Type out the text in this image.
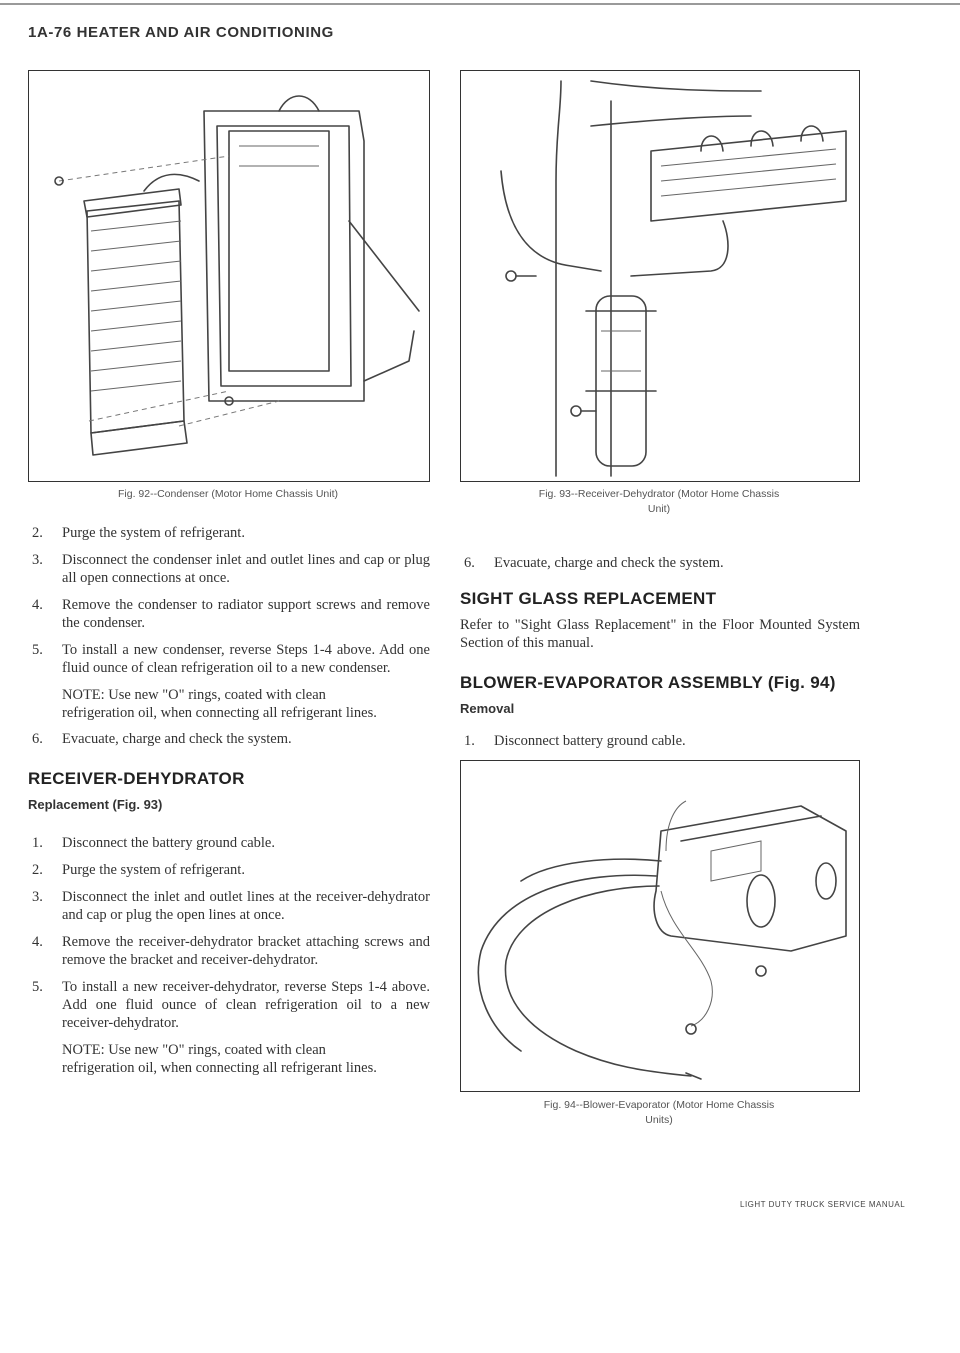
1A-76 HEATER AND AIR CONDITIONING
Fig. 92--Condenser (Motor Home Chassis Unit)	Fig. 93--Receiver-Dehydrator (Motor Home Chassis
Unit)
2. Purge the system of refrigerant.
3. Disconnect the condenser inlet and outlet lines and cap or plug all open connections at once.
4. Remove the condenser to radiator support screws and remove the condenser.
5. To install a new condenser, reverse Steps 1-4 above. Add one fluid ounce of clean refrigeration oil to a new condenser.
NOTE: Use new "O" rings, coated with clean refrigeration oil, when connecting all refrigerant lines.
6. Evacuate, charge and check the system.
RECEIVER-DEHYDRATOR
Replacement (Fig. 93)
1. Disconnect the battery ground cable.
2. Purge the system of refrigerant.
3. Disconnect the inlet and outlet lines at the receiver-dehydrator and cap or plug the open lines at once.
4. Remove the receiver-dehydrator bracket attaching screws and remove the bracket and receiver-dehydrator.
5. To install a new receiver-dehydrator, reverse Steps 1-4 above. Add one fluid ounce of clean refrigeration oil to a new receiver-dehydrator.
NOTE: Use new "O" rings, coated with clean refrigeration oil, when connecting all refrigerant lines.
6. Evacuate, charge and check the system.
SIGHT GLASS REPLACEMENT
Refer to "Sight Glass Replacement" in the Floor Mounted System Section of this manual.
BLOWER-EVAPORATOR ASSEMBLY (Fig. 94)
Removal
1. Disconnect battery ground cable.
Fig. 94--Blower-Evaporator (Motor Home Chassis
Units)
LIGHT DUTY TRUCK SERVICE MANUAL
